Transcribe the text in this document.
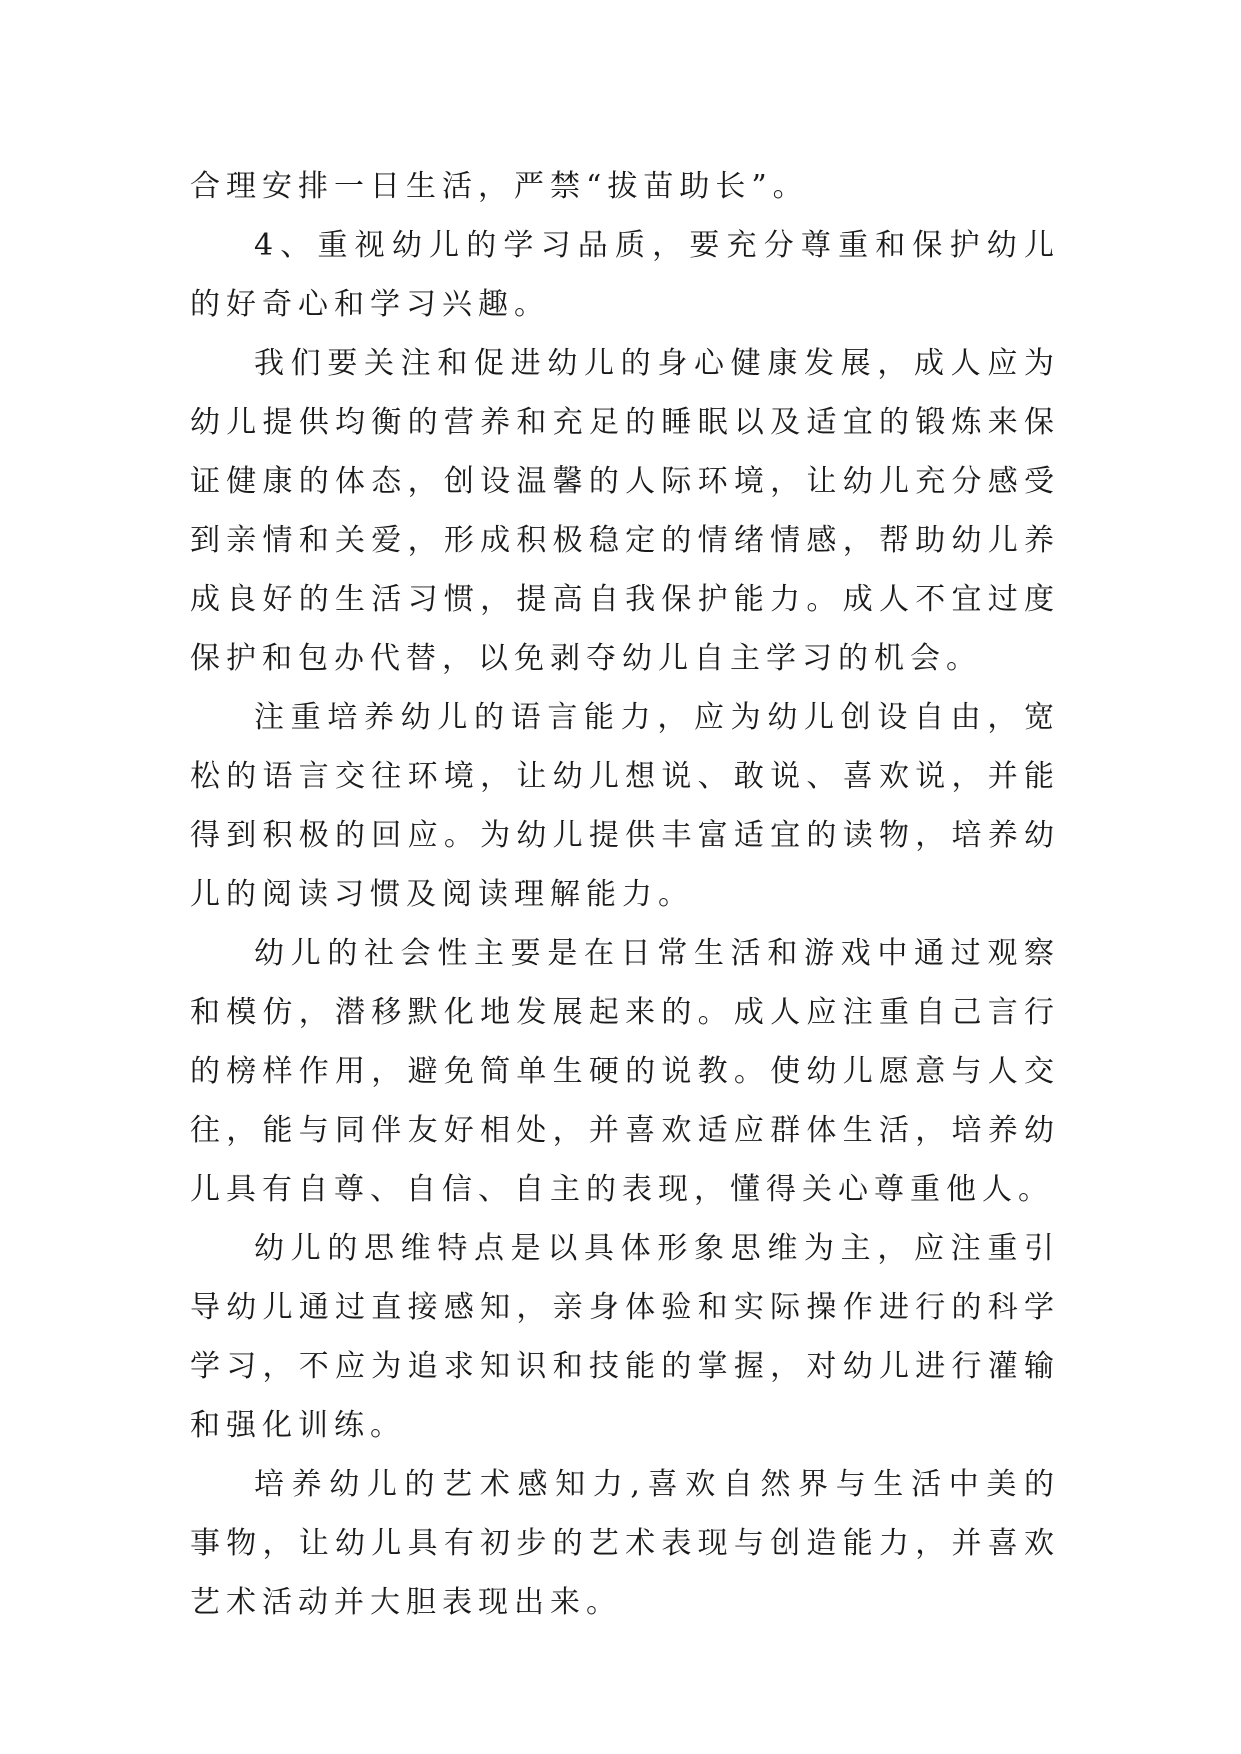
合理安排一日生活，严禁“拔苗助长”。

4、重视幼儿的学习品质，要充分尊重和保护幼儿的好奇心和学习兴趣。

我们要关注和促进幼儿的身心健康发展，成人应为幼儿提供均衡的营养和充足的睡眠以及适宜的锻炼来保证健康的体态，创设温馨的人际环境，让幼儿充分感受到亲情和关爱，形成积极稳定的情绪情感，帮助幼儿养成良好的生活习惯，提高自我保护能力。成人不宜过度保护和包办代替，以免剥夺幼儿自主学习的机会。

注重培养幼儿的语言能力，应为幼儿创设自由，宽松的语言交往环境，让幼儿想说、敢说、喜欢说，并能得到积极的回应。为幼儿提供丰富适宜的读物，培养幼儿的阅读习惯及阅读理解能力。

幼儿的社会性主要是在日常生活和游戏中通过观察和模仿，潜移默化地发展起来的。成人应注重自己言行的榜样作用，避免简单生硬的说教。使幼儿愿意与人交往，能与同伴友好相处，并喜欢适应群体生活，培养幼儿具有自尊、自信、自主的表现，懂得关心尊重他人。

幼儿的思维特点是以具体形象思维为主，应注重引导幼儿通过直接感知，亲身体验和实际操作进行的科学学习，不应为追求知识和技能的掌握，对幼儿进行灌输和强化训练。

培养幼儿的艺术感知力,喜欢自然界与生活中美的事物，让幼儿具有初步的艺术表现与创造能力，并喜欢艺术活动并大胆表现出来。
